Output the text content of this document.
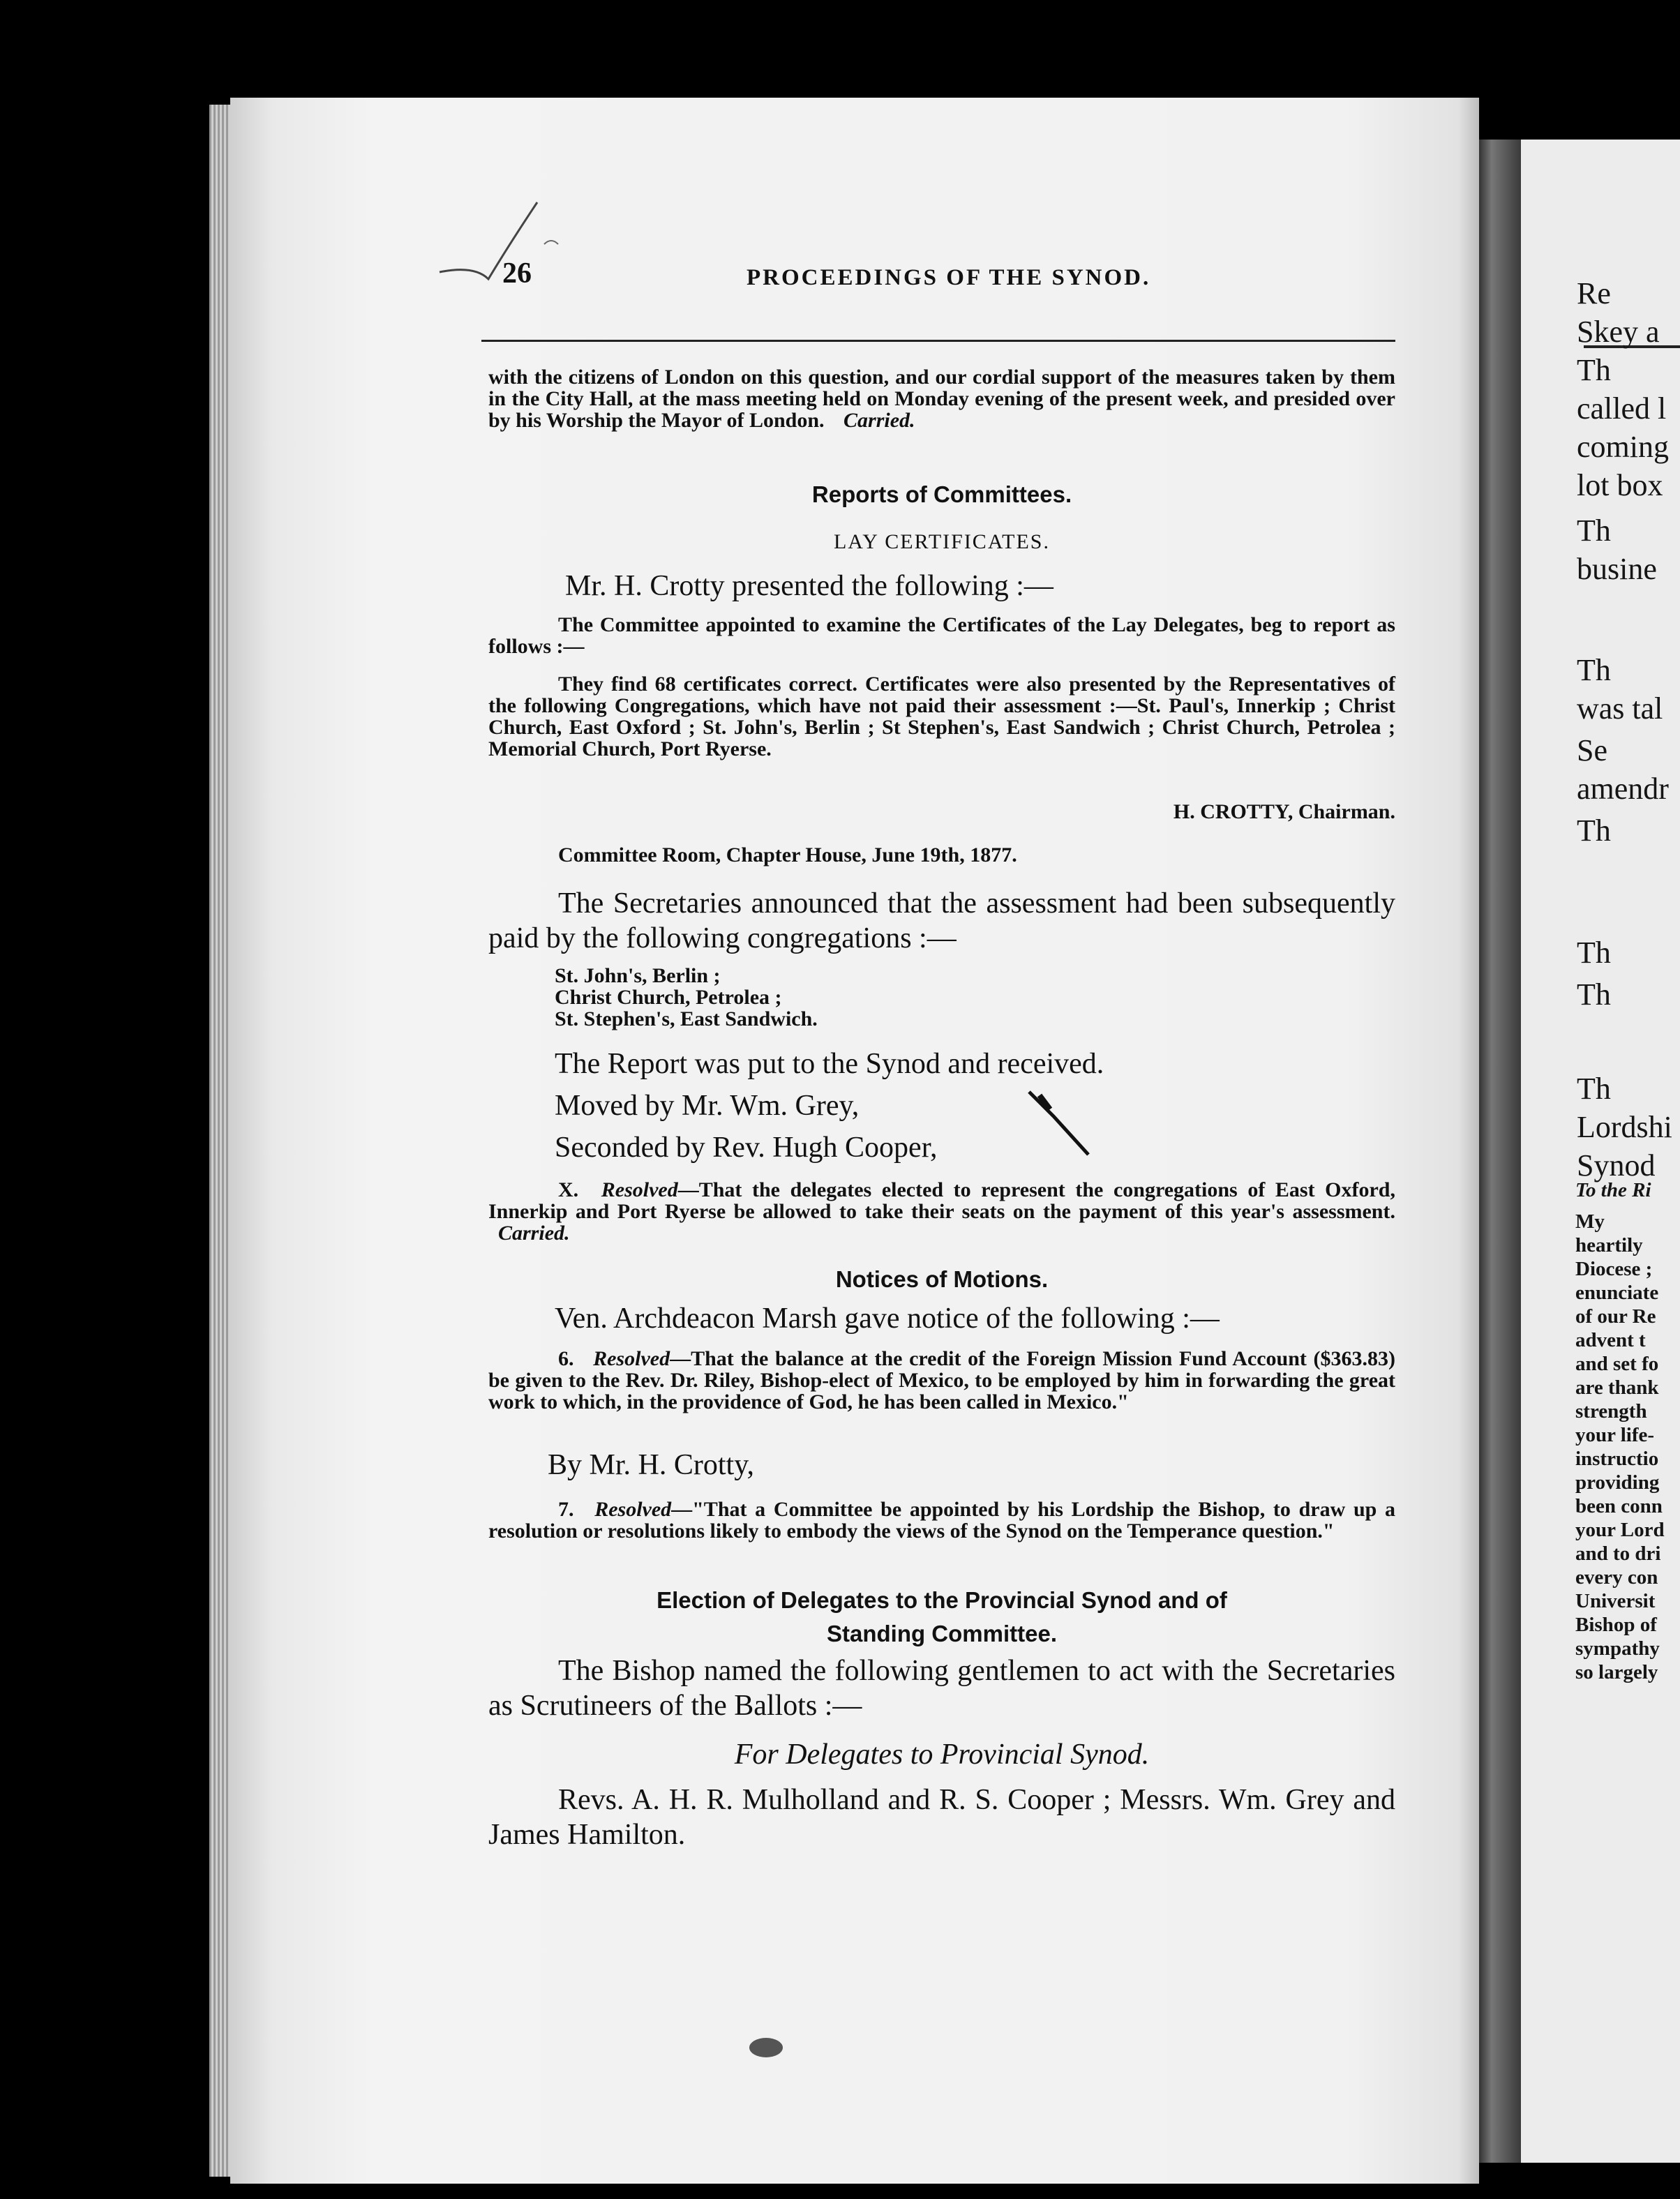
Re
Skey a
Th
called l
coming
lot box
Th
busine
Th
was tal
Se
amendr
Th
Th
Th
Th
Lordshi
Synod
To the Ri
My
heartily
Diocese ;
enunciate
of our Re
advent t
and set fo
are thank
strength
your life-
instructio
providing
been conn
your Lord
and to dri
every con
Universit
Bishop of
sympathy
so largely
26	PROCEEDINGS OF THE SYNOD.
with the citizens of London on this question, and our cordial support of the measures taken by them in the City Hall, at the mass meeting held on Monday evening of the present week, and presided over by his Worship the Mayor of London. Carried.
Reports of Committees.
LAY CERTIFICATES.
Mr. H. Crotty presented the following :—
The Committee appointed to examine the Certificates of the Lay Delegates, beg to report as follows :—
They find 68 certificates correct. Certificates were also presented by the Representatives of the following Congregations, which have not paid their assessment :—St. Paul's, Innerkip ; Christ Church, East Oxford ; St. John's, Berlin ; St Stephen's, East Sandwich ; Christ Church, Petrolea ; Memorial Church, Port Ryerse.
H. CROTTY, Chairman.
Committee Room, Chapter House, June 19th, 1877.
The Secretaries announced that the assessment had been subsequently paid by the following congregations :—
St. John's, Berlin ;
Christ Church, Petrolea ;
St. Stephen's, East Sandwich.
The Report was put to the Synod and received.
Moved by Mr. Wm. Grey,
Seconded by Rev. Hugh Cooper,
X. Resolved—That the delegates elected to represent the congregations of East Oxford, Innerkip and Port Ryerse be allowed to take their seats on the payment of this year's assessment. Carried.
Notices of Motions.
Ven. Archdeacon Marsh gave notice of the following :—
6. Resolved—That the balance at the credit of the Foreign Mission Fund Account ($363.83) be given to the Rev. Dr. Riley, Bishop-elect of Mexico, to be employed by him in forwarding the great work to which, in the providence of God, he has been called in Mexico."
By Mr. H. Crotty,
7. Resolved—"That a Committee be appointed by his Lordship the Bishop, to draw up a resolution or resolutions likely to embody the views of the Synod on the Temperance question."
Election of Delegates to the Provincial Synod and of
Standing Committee.
The Bishop named the following gentlemen to act with the Secretaries as Scrutineers of the Ballots :—
For Delegates to Provincial Synod.
Revs. A. H. R. Mulholland and R. S. Cooper ; Messrs. Wm. Grey and James Hamilton.
